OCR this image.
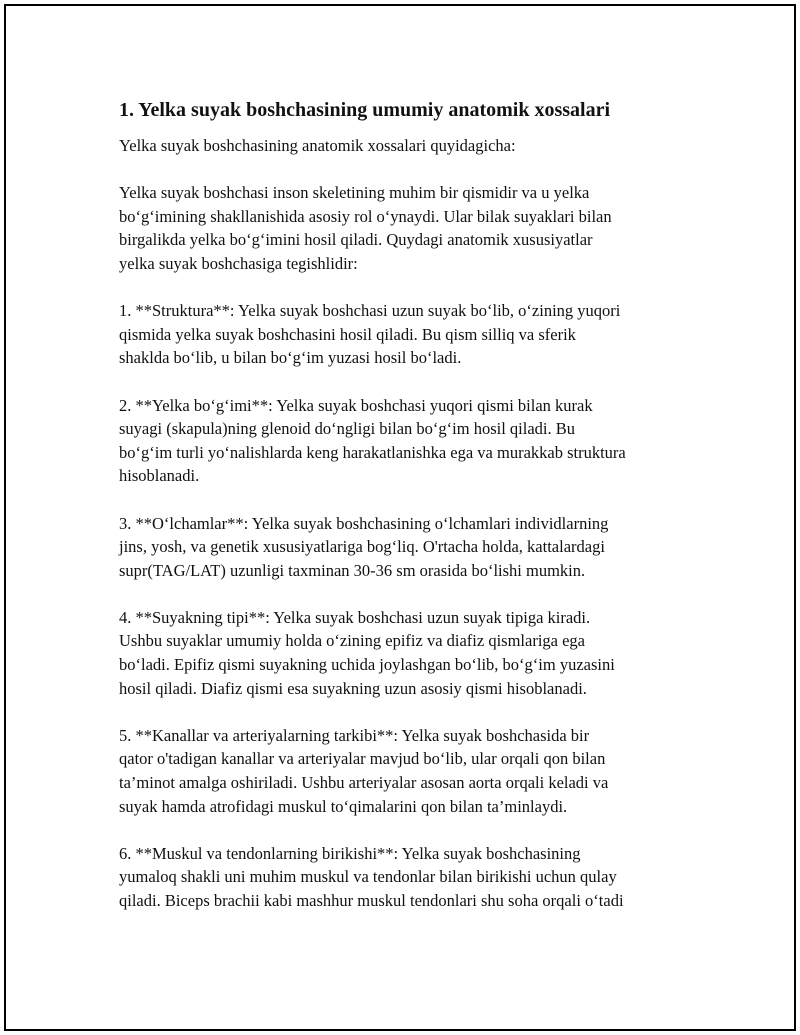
1. Yelka suyak boshchasining umumiy anatomik xossalari
Yelka suyak boshchasining anatomik xossalari quyidagicha:
Yelka suyak boshchasi inson skeletining muhim bir qismidir va u yelka
bo‘g‘imining shakllanishida asosiy rol o‘ynaydi. Ular bilak suyaklari bilan
birgalikda yelka bo‘g‘imini hosil qiladi. Quydagi anatomik xususiyatlar
yelka suyak boshchasiga tegishlidir:
1. **Struktura**: Yelka suyak boshchasi uzun suyak bo‘lib, o‘zining yuqori
qismida yelka suyak boshchasini hosil qiladi. Bu qism silliq va sferik
shaklda bo‘lib, u bilan bo‘g‘im yuzasi hosil bo‘ladi.
2. **Yelka bo‘g‘imi**: Yelka suyak boshchasi yuqori qismi bilan kurak
suyagi (skapula)ning glenoid do‘ngligi bilan bo‘g‘im hosil qiladi. Bu
bo‘g‘im turli yo‘nalishlarda keng harakatlanishka ega va murakkab struktura
hisoblanadi.
3. **O‘lchamlar**: Yelka suyak boshchasining o‘lchamlari individlarning
jins, yosh, va genetik xususiyatlariga bog‘liq. O'rtacha holda, kattalardagi
supr(TAG/LAT) uzunligi taxminan 30-36 sm orasida bo‘lishi mumkin.
4. **Suyakning tipi**: Yelka suyak boshchasi uzun suyak tipiga kiradi.
Ushbu suyaklar umumiy holda o‘zining epifiz va diafiz qismlariga ega
bo‘ladi. Epifiz qismi suyakning uchida joylashgan bo‘lib, bo‘g‘im yuzasini
hosil qiladi. Diafiz qismi esa suyakning uzun asosiy qismi hisoblanadi.
5. **Kanallar va arteriyalarning tarkibi**: Yelka suyak boshchasida bir
qator o'tadigan kanallar va arteriyalar mavjud bo‘lib, ular orqali qon bilan
ta’minot amalga oshiriladi. Ushbu arteriyalar asosan aorta orqali keladi va
suyak hamda atrofidagi muskul to‘qimalarini qon bilan ta’minlaydi.
6. **Muskul va tendonlarning birikishi**: Yelka suyak boshchasining
yumaloq shakli uni muhim muskul va tendonlar bilan birikishi uchun qulay
qiladi. Biceps brachii kabi mashhur muskul tendonlari shu soha orqali o‘tadi
